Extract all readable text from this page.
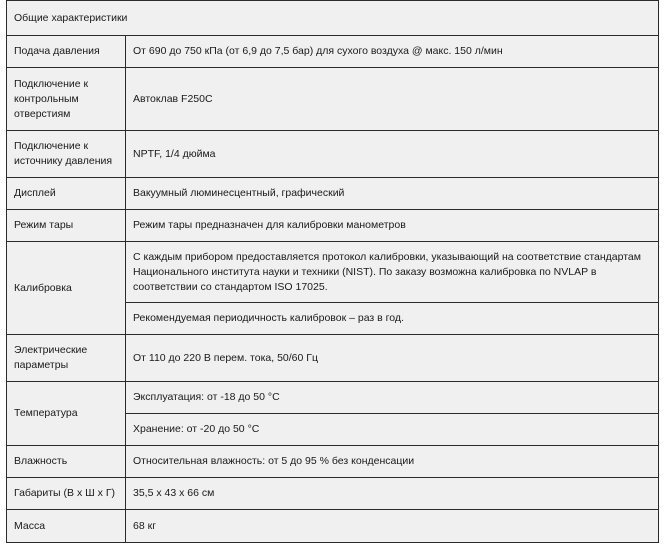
Общие характеристики	
Подача давления	От 690 до 750 кПа (от 6,9 до 7,5 бар) для сухого воздуха @ макс. 150 л/мин
Подключение к контрольным отверстиям	Автоклав F250C
Подключение к источнику давления	NPTF, 1/4 дюйма
Дисплей	Вакуумный люминесцентный, графический
Режим тары	Режим тары предназначен для калибровки манометров
Калибровка	С каждым прибором предоставляется протокол калибровки, указывающий на соответствие стандартам Национального института науки и техники (NIST). По заказу возможна калибровка по NVLAP в соответствии со стандартом ISO 17025.
	Рекомендуемая периодичность калибровок – раз в год.
Электрические параметры	От 110 до 220 В перем. тока, 50/60 Гц
Температура	Эксплуатация: от -18 до 50 °C
	Хранение: от -20 до 50 °C
Влажность	Относительная влажность: от 5 до 95 % без конденсации
Габариты (В х Ш х Г)	35,5 x 43 x 66 см
Масса	68 кг
